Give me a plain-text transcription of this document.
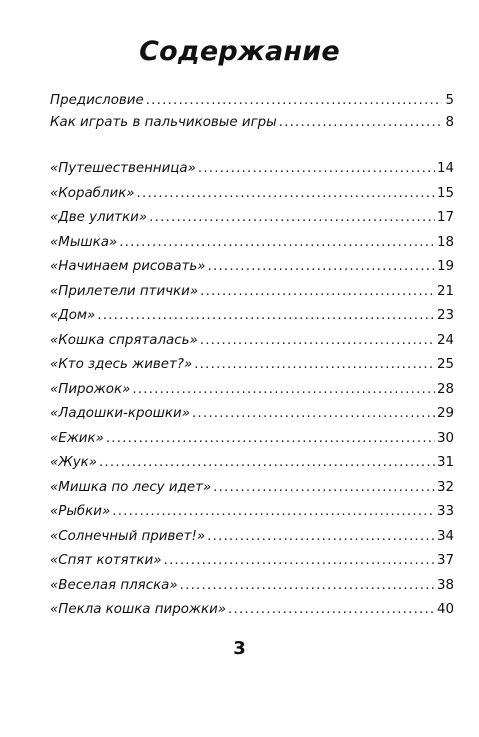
Содержание
Предисловие .....	5
Как играть в пальчиковые игры .....	8
«Путешественница» .....	14
«Кораблик» .....	15
«Две улитки» .....	17
«Мышка» .....	18
«Начинаем рисовать» .....	19
«Прилетели птички» .....	21
«Дом» .....	23
«Кошка спряталась» .....	24
«Кто здесь живет?» .....	25
«Пирожок» .....	28
«Ладошки-крошки» .....	29
«Ежик» .....	30
«Жук» .....	31
«Мишка по лесу идет» .....	32
«Рыбки» .....	33
«Солнечный привет!» .....	34
«Спят котятки» .....	37
«Веселая пляска» .....	38
«Пекла кошка пирожки» .....	40
3
